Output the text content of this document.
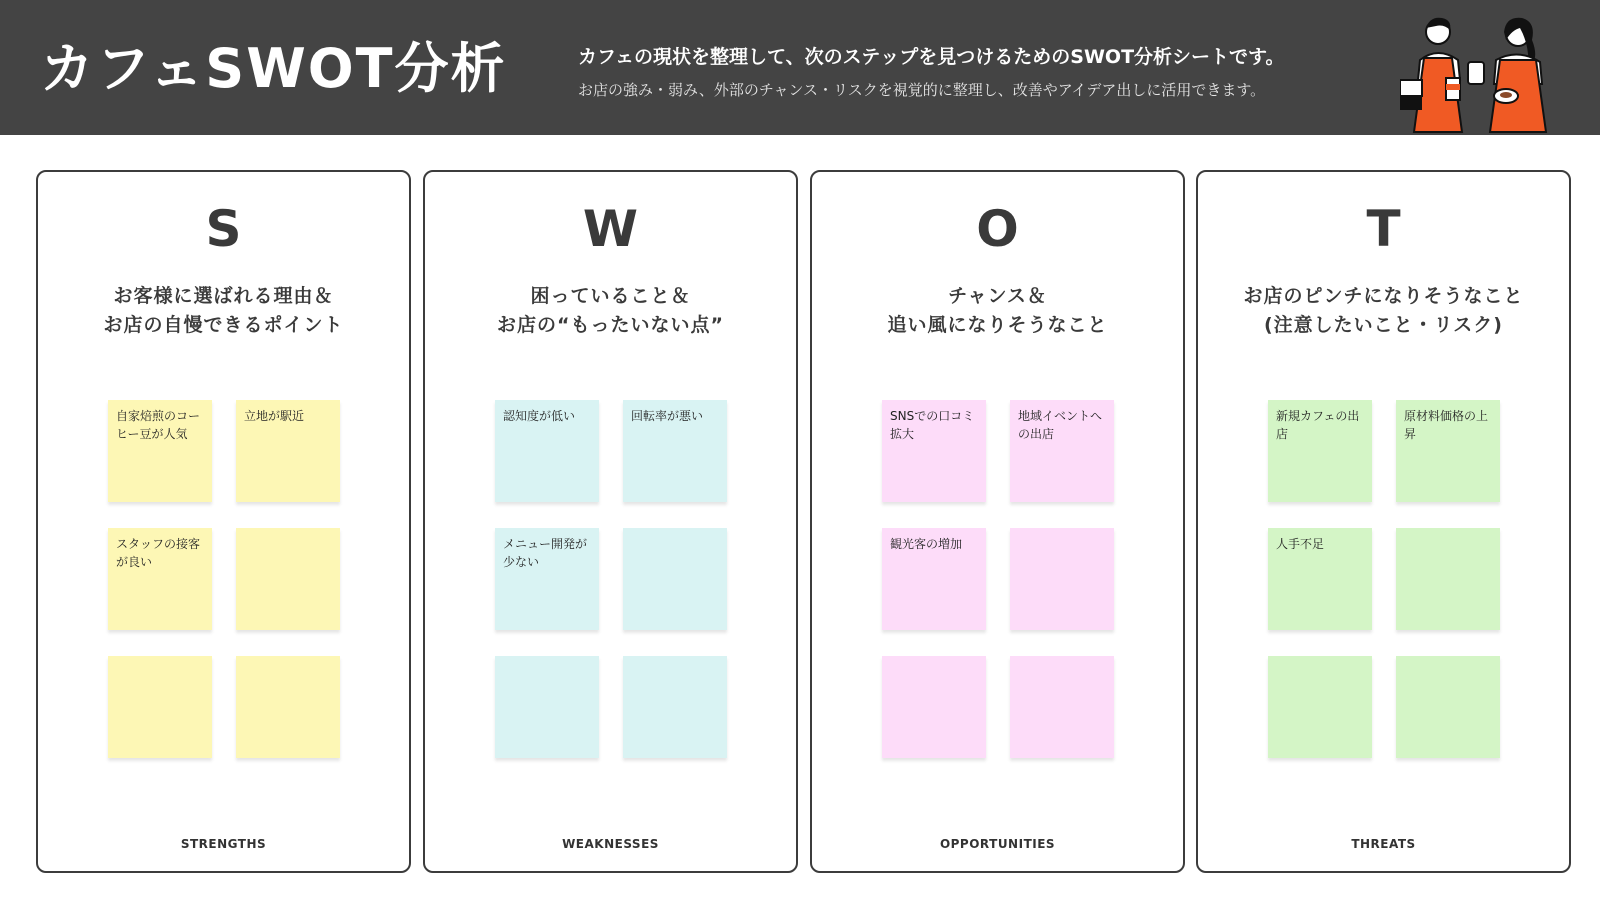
カフェSWOT分析	カフェの現状を整理して、次のステップを見つけるためのSWOT分析シートです。
お店の強み・弱み、外部のチャンス・リスクを視覚的に整理し、改善やアイデア出しに活用できます。
S
お客様に選ばれる理由＆
お店の自慢できるポイント
自家焙煎のコーヒー豆が人気
立地が駅近
スタッフの接客が良い
STRENGTHS
W
困っていること＆
お店の“もったいない点”
認知度が低い	回転率が悪い
メニュー開発が少ない
WEAKNESSES
O
チャンス＆
追い風になりそうなこと
SNSでの口コミ拡大
地域イベントへの出店
観光客の増加
OPPORTUNITIES
T
お店のピンチになりそうなこと
(注意したいこと・リスク)
新規カフェの出店
原材料価格の上昇
人手不足
THREATS
